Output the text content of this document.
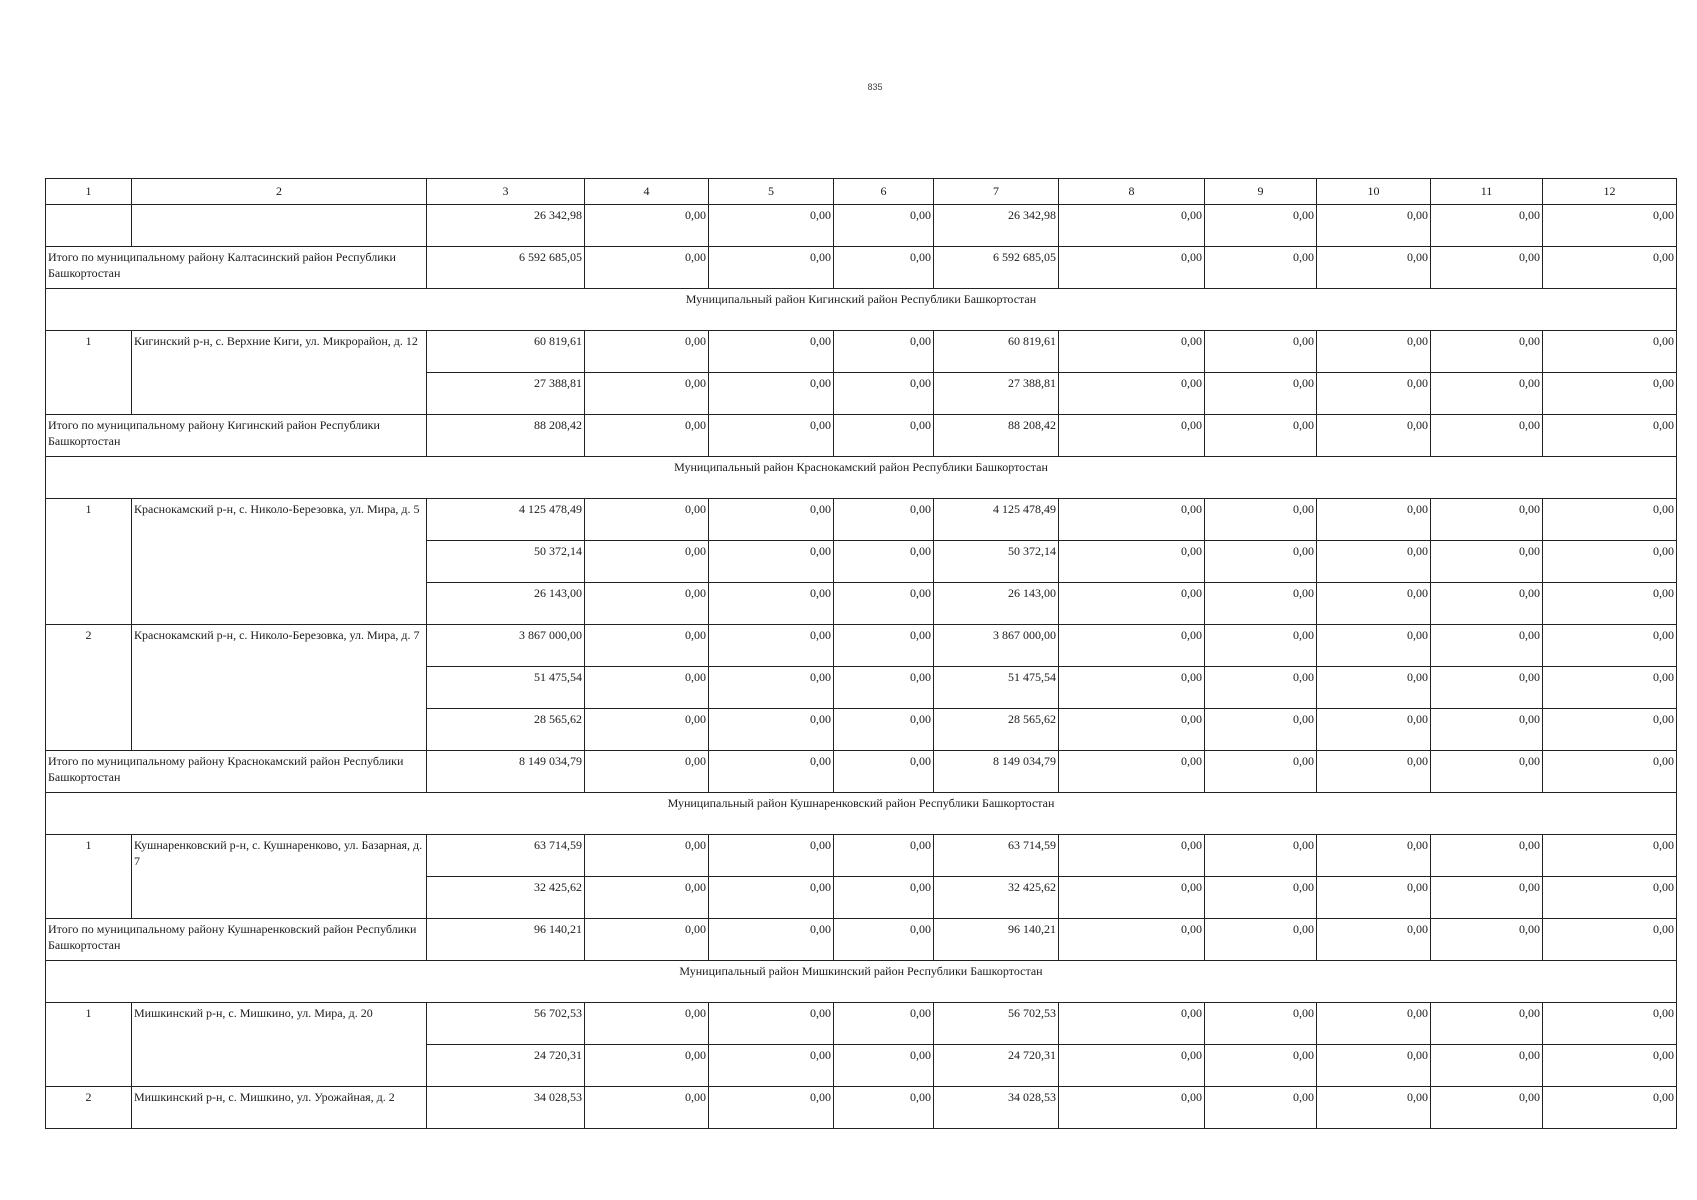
835
1	2	3	4	5	6	7	8	9	10	11	12
		26 342,98	0,00	0,00	0,00	26 342,98	0,00	0,00	0,00	0,00	0,00
Итого по муниципальному району Калтасинский район Республики Башкортостан		6 592 685,05	0,00	0,00	0,00	6 592 685,05	0,00	0,00	0,00	0,00	0,00
Муниципальный район Кигинский район Республики Башкортостан											
1	Кигинский р-н, с. Верхние Киги, ул. Микрорайон, д. 12	60 819,61	0,00	0,00	0,00	60 819,61	0,00	0,00	0,00	0,00	0,00
		27 388,81	0,00	0,00	0,00	27 388,81	0,00	0,00	0,00	0,00	0,00
Итого по муниципальному району Кигинский район Республики Башкортостан		88 208,42	0,00	0,00	0,00	88 208,42	0,00	0,00	0,00	0,00	0,00
Муниципальный район Краснокамский район Республики Башкортостан											
1	Краснокамский р-н, с. Николо-Березовка, ул. Мира, д. 5	4 125 478,49	0,00	0,00	0,00	4 125 478,49	0,00	0,00	0,00	0,00	0,00
		50 372,14	0,00	0,00	0,00	50 372,14	0,00	0,00	0,00	0,00	0,00
		26 143,00	0,00	0,00	0,00	26 143,00	0,00	0,00	0,00	0,00	0,00
2	Краснокамский р-н, с. Николо-Березовка, ул. Мира, д. 7	3 867 000,00	0,00	0,00	0,00	3 867 000,00	0,00	0,00	0,00	0,00	0,00
		51 475,54	0,00	0,00	0,00	51 475,54	0,00	0,00	0,00	0,00	0,00
		28 565,62	0,00	0,00	0,00	28 565,62	0,00	0,00	0,00	0,00	0,00
Итого по муниципальному району Краснокамский район Республики Башкортостан		8 149 034,79	0,00	0,00	0,00	8 149 034,79	0,00	0,00	0,00	0,00	0,00
Муниципальный район Кушнаренковский район Республики Башкортостан											
1	Кушнаренковский р-н, с. Кушнаренково, ул. Базарная, д. 7	63 714,59	0,00	0,00	0,00	63 714,59	0,00	0,00	0,00	0,00	0,00
		32 425,62	0,00	0,00	0,00	32 425,62	0,00	0,00	0,00	0,00	0,00
Итого по муниципальному району Кушнаренковский район Республики Башкортостан		96 140,21	0,00	0,00	0,00	96 140,21	0,00	0,00	0,00	0,00	0,00
Муниципальный район Мишкинский район Республики Башкортостан											
1	Мишкинский р-н, с. Мишкино, ул. Мира, д. 20	56 702,53	0,00	0,00	0,00	56 702,53	0,00	0,00	0,00	0,00	0,00
		24 720,31	0,00	0,00	0,00	24 720,31	0,00	0,00	0,00	0,00	0,00
2	Мишкинский р-н, с. Мишкино, ул. Урожайная, д. 2	34 028,53	0,00	0,00	0,00	34 028,53	0,00	0,00	0,00	0,00	0,00
